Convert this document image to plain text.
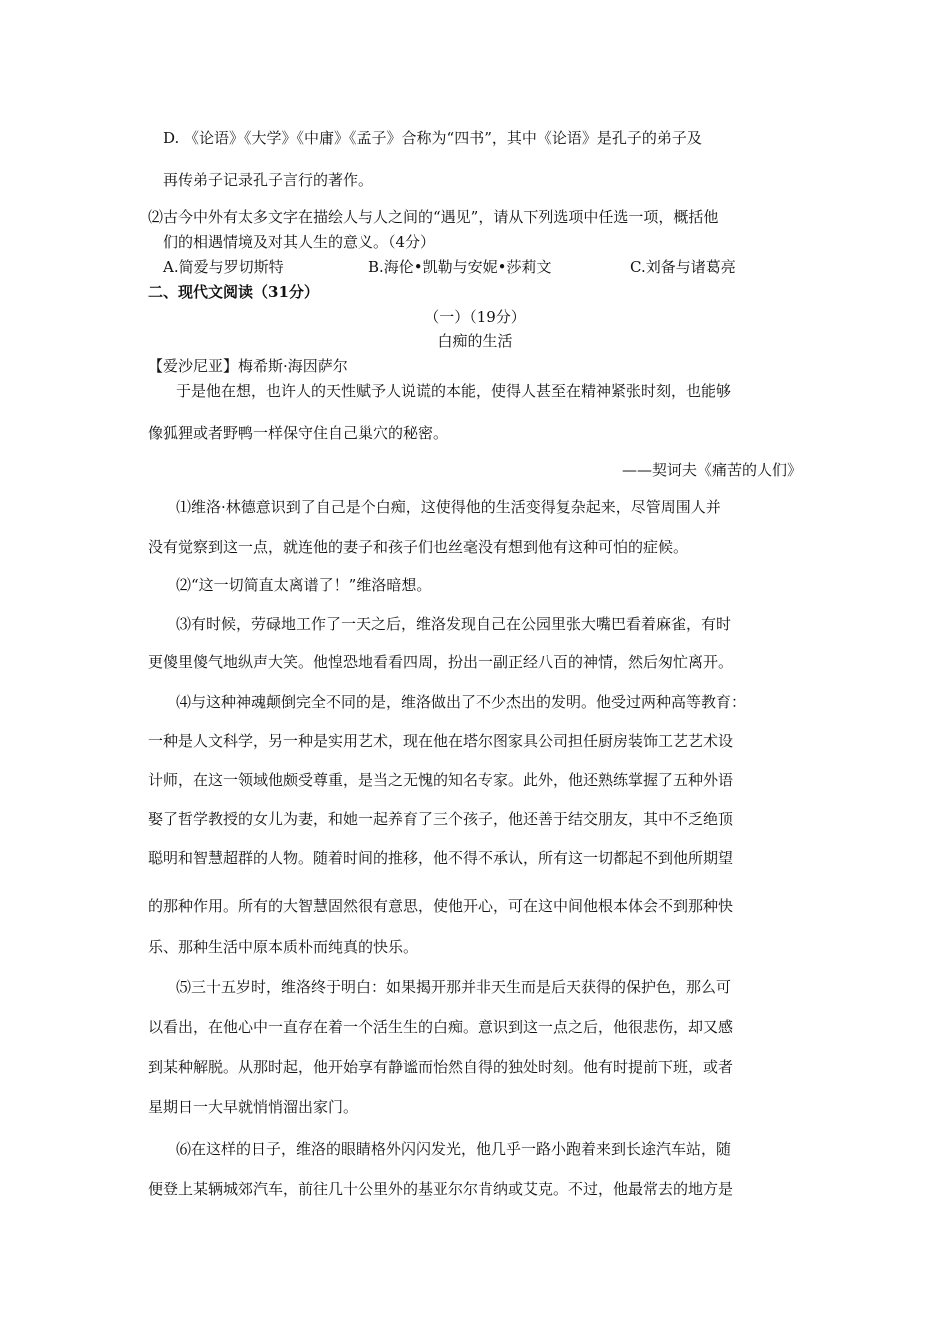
D. 《论语》《大学》《中庸》《孟子》合称为“四书”，其中《论语》是孔子的弟子及
再传弟子记录孔子言行的著作。
⑵古今中外有太多文字在描绘人与人之间的“遇见”，请从下列选项中任选一项，概括他
们的相遇情境及对其人生的意义。（4分）
A.简爱与罗切斯特	B.海伦•凯勒与安妮•莎莉文	C.刘备与诸葛亮
二、现代文阅读（31分）
（一）（19分）
白痴的生活
【爱沙尼亚】梅希斯·海因萨尔
于是他在想，也许人的天性赋予人说谎的本能，使得人甚至在精神紧张时刻，也能够
像狐狸或者野鸭一样保守住自己巢穴的秘密。
——契诃夫《痛苦的人们》
⑴维洛·林德意识到了自己是个白痴，这使得他的生活变得复杂起来，尽管周围人并
没有觉察到这一点，就连他的妻子和孩子们也丝毫没有想到他有这种可怕的症候。
⑵“这一切简直太离谱了！”维洛暗想。
⑶有时候，劳碌地工作了一天之后，维洛发现自己在公园里张大嘴巴看着麻雀，有时
更傻里傻气地纵声大笑。他惶恐地看看四周，扮出一副正经八百的神情，然后匆忙离开。
⑷与这种神魂颠倒完全不同的是，维洛做出了不少杰出的发明。他受过两种高等教育：
一种是人文科学，另一种是实用艺术，现在他在塔尔图家具公司担任厨房装饰工艺艺术设
计师，在这一领域他颇受尊重，是当之无愧的知名专家。此外，他还熟练掌握了五种外语
娶了哲学教授的女儿为妻，和她一起养育了三个孩子，他还善于结交朋友，其中不乏绝顶
聪明和智慧超群的人物。随着时间的推移，他不得不承认，所有这一切都起不到他所期望
的那种作用。所有的大智慧固然很有意思，使他开心，可在这中间他根本体会不到那种快
乐、那种生活中原本质朴而纯真的快乐。
⑸三十五岁时，维洛终于明白：如果揭开那并非天生而是后天获得的保护色，那么可
以看出，在他心中一直存在着一个活生生的白痴。意识到这一点之后，他很悲伤，却又感
到某种解脱。从那时起，他开始享有静谧而怡然自得的独处时刻。他有时提前下班，或者
星期日一大早就悄悄溜出家门。
⑹在这样的日子，维洛的眼睛格外闪闪发光，他几乎一路小跑着来到长途汽车站，随
便登上某辆城郊汽车，前往几十公里外的基亚尔尔肯纳或艾克。不过，他最常去的地方是
